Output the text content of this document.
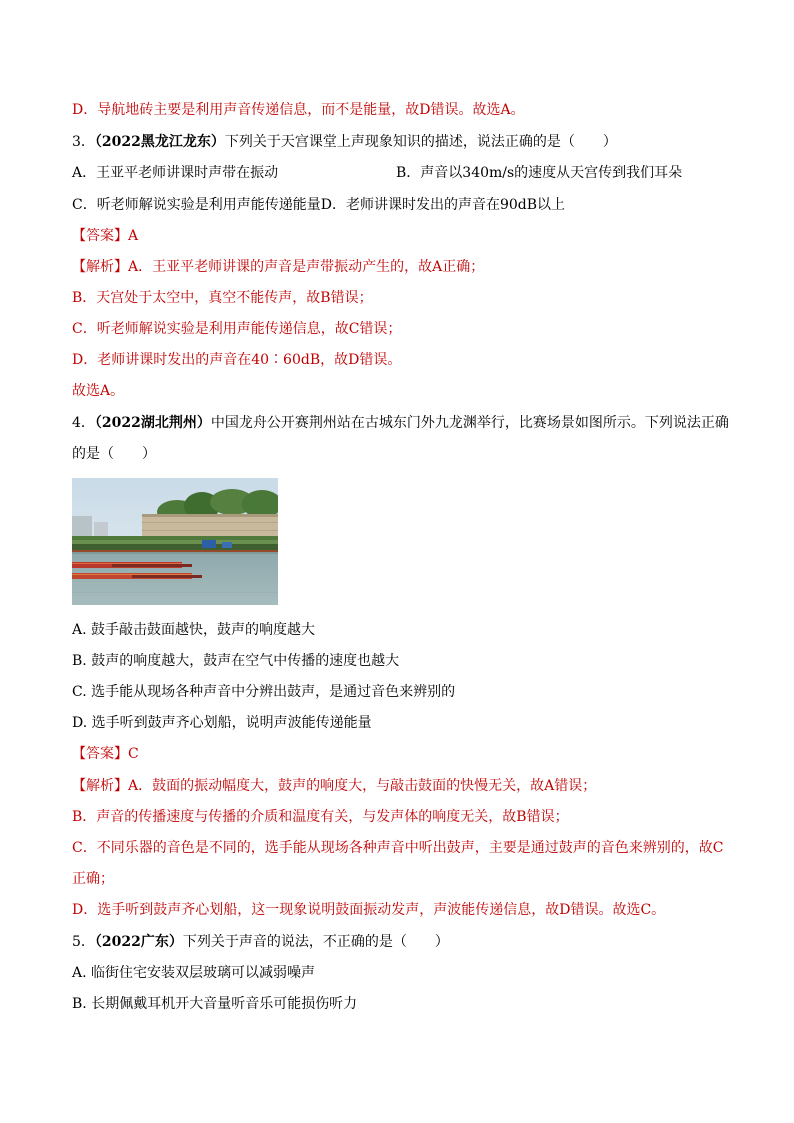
D．导航地砖主要是利用声音传递信息，而不是能量，故D错误。故选A。
3．（2022黑龙江龙东）下列关于天宫课堂上声现象知识的描述，说法正确的是（　　）
A．王亚平老师讲课时声带在振动	B．声音以340m/s的速度从天宫传到我们耳朵
C．听老师解说实验是利用声能传递能量D．老师讲课时发出的声音在90dB以上
【答案】A
【解析】A．王亚平老师讲课的声音是声带振动产生的，故A正确；
B．天宫处于太空中，真空不能传声，故B错误；
C．听老师解说实验是利用声能传递信息，故C错误；
D．老师讲课时发出的声音在40∶60dB，故D错误。
故选A。
4．（2022湖北荆州）中国龙舟公开赛荆州站在古城东门外九龙渊举行，比赛场景如图所示。下列说法正确
的是（　　）
A. 鼓手敲击鼓面越快，鼓声的响度越大
B. 鼓声的响度越大，鼓声在空气中传播的速度也越大
C. 选手能从现场各种声音中分辨出鼓声，是通过音色来辨别的
D. 选手听到鼓声齐心划船，说明声波能传递能量
【答案】C
【解析】A．鼓面的振动幅度大，鼓声的响度大，与敲击鼓面的快慢无关，故A错误；
B．声音的传播速度与传播的介质和温度有关，与发声体的响度无关，故B错误；
C．不同乐器的音色是不同的，选手能从现场各种声音中听出鼓声，主要是通过鼓声的音色来辨别的，故C
正确；
D．选手听到鼓声齐心划船，这一现象说明鼓面振动发声，声波能传递信息，故D错误。故选C。
5．（2022广东）下列关于声音的说法，不正确的是（　　）
A. 临街住宅安装双层玻璃可以减弱噪声
B. 长期佩戴耳机开大音量听音乐可能损伤听力
